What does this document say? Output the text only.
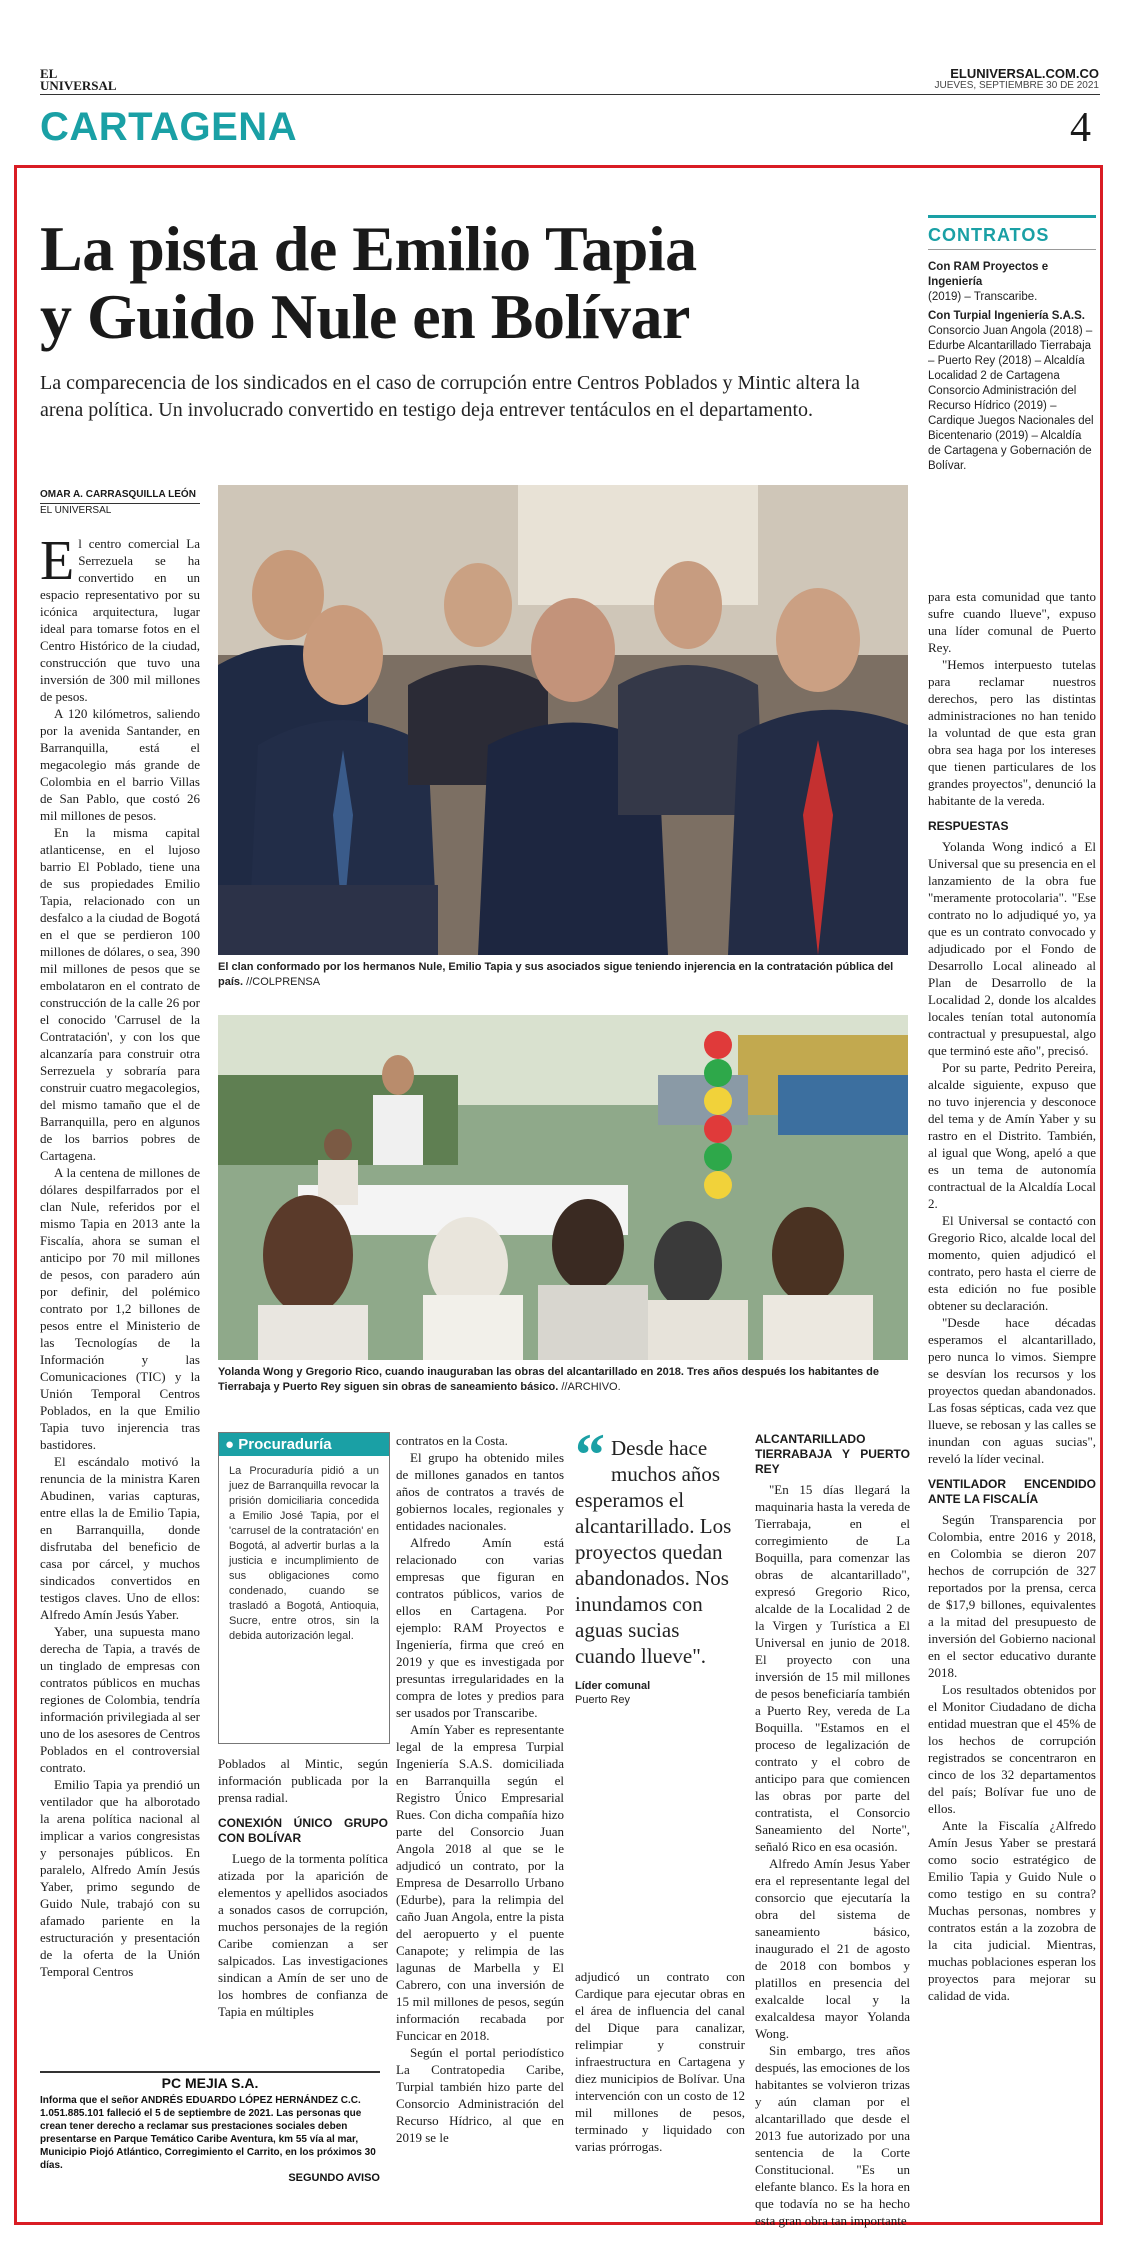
EL
UNIVERSAL
ELUNIVERSAL.COM.CO
JUEVES, SEPTIEMBRE 30 DE 2021
CARTAGENA	4
La pista de Emilio Tapia
y Guido Nule en Bolívar
La comparecencia de los sindicados en el caso de corrupción entre Centros Poblados y Mintic altera la arena política. Un involucrado convertido en testigo deja entrever tentáculos en el departamento.
CONTRATOS
Con RAM Proyectos e Ingeniería
(2019) – Transcaribe.
Con Turpial Ingeniería S.A.S.
Consorcio Juan Angola (2018) – Edurbe Alcantarillado Tierrabaja – Puerto Rey (2018) – Alcaldía Localidad 2 de Cartagena Consorcio Administración del Recurso Hídrico (2019) – Cardique Juegos Nacionales del Bicentenario (2019) – Alcaldía de Cartagena y Gobernación de Bolívar.
OMAR A. CARRASQUILLA LEÓN
EL UNIVERSAL
El clan conformado por los hermanos Nule, Emilio Tapia y sus asociados sigue teniendo injerencia en la contratación pública del país. //COLPRENSA
Yolanda Wong y Gregorio Rico, cuando inauguraban las obras del alcantarillado en 2018. Tres años después los habitantes de Tierrabaja y Puerto Rey siguen sin obras de saneamiento básico. //ARCHIVO.

El centro comercial La Serrezuela se ha convertido en un espacio representativo por su icónica arquitectura, lugar ideal para tomarse fotos en el Centro Histórico de la ciudad, construcción que tuvo una inversión de 300 mil millones de pesos.

A 120 kilómetros, saliendo por la avenida Santander, en Barranquilla, está el megacolegio más grande de Colombia en el barrio Villas de San Pablo, que costó 26 mil millones de pesos.

En la misma capital atlanticense, en el lujoso barrio El Poblado, tiene una de sus propiedades Emilio Tapia, relacionado con un desfalco a la ciudad de Bogotá en el que se perdieron 100 millones de dólares, o sea, 390 mil millones de pesos que se embolataron en el contrato de construcción de la calle 26 por el conocido 'Carrusel de la Contratación', y con los que alcanzaría para construir otra Serrezuela y sobraría para construir cuatro megacolegios, del mismo tamaño que el de Barranquilla, pero en algunos de los barrios pobres de Cartagena.

A la centena de millones de dólares despilfarrados por el clan Nule, referidos por el mismo Tapia en 2013 ante la Fiscalía, ahora se suman el anticipo por 70 mil millones de pesos, con paradero aún por definir, del polémico contrato por 1,2 billones de pesos entre el Ministerio de las Tecnologías de la Información y las Comunicaciones (TIC) y la Unión Temporal Centros Poblados, en la que Emilio Tapia tuvo injerencia tras bastidores.

El escándalo motivó la renuncia de la ministra Karen Abudinen, varias capturas, entre ellas la de Emilio Tapia, en Barranquilla, donde disfrutaba del beneficio de casa por cárcel, y muchos sindicados convertidos en testigos claves. Uno de ellos: Alfredo Amín Jesús Yaber.

Yaber, una supuesta mano derecha de Tapia, a través de un tinglado de empresas con contratos públicos en muchas regiones de Colombia, tendría información privilegiada al ser uno de los asesores de Centros Poblados en el controversial contrato.

Emilio Tapia ya prendió un ventilador que ha alborotado la arena política nacional al implicar a varios congresistas y personajes públicos. En paralelo, Alfredo Amín Jesús Yaber, primo segundo de Guido Nule, trabajó con su afamado pariente en la estructuración y presentación de la oferta de la Unión Temporal Centros

● Procuraduría
La Procuraduría pidió a un juez de Barranquilla revocar la prisión domiciliaria concedida a Emilio José Tapia, por el 'carrusel de la contratación' en Bogotá, al advertir burlas a la justicia e incumplimiento de sus obligaciones como condenado, cuando se trasladó a Bogotá, Antioquia, Sucre, entre otros, sin la debida autorización legal.

Poblados al Mintic, según información publicada por la prensa radial.

CONEXIÓN ÚNICO GRUPO CON BOLÍVAR

Luego de la tormenta política atizada por la aparición de elementos y apellidos asociados a sonados casos de corrupción, muchos personajes de la región Caribe comienzan a ser salpicados. Las investigaciones sindican a Amín de ser uno de los hombres de confianza de Tapia en múltiples

contratos en la Costa.

El grupo ha obtenido miles de millones ganados en tantos años de contratos a través de gobiernos locales, regionales y entidades nacionales.

Alfredo Amín está relacionado con varias empresas que figuran en contratos públicos, varios de ellos en Cartagena. Por ejemplo: RAM Proyectos e Ingeniería, firma que creó en 2019 y que es investigada por presuntas irregularidades en la compra de lotes y predios para ser usados por Transcaribe.

Amín Yaber es representante legal de la empresa Turpial Ingeniería S.A.S. domiciliada en Barranquilla según el Registro Único Empresarial Rues. Con dicha compañía hizo parte del Consorcio Juan Angola 2018 al que se le adjudicó un contrato, por la Empresa de Desarrollo Urbano (Edurbe), para la relimpia del caño Juan Angola, entre la pista del aeropuerto y el puente Canapote; y relimpia de las lagunas de Marbella y El Cabrero, con una inversión de 15 mil millones de pesos, según información recabada por Funcicar en 2018.

Según el portal periodístico La Contratopedia Caribe, Turpial también hizo parte del Consorcio Administración del Recurso Hídrico, al que en 2019 se le

“ Desde hace muchos años esperamos el alcantarillado. Los proyectos quedan abandonados. Nos inundamos con aguas sucias cuando llueve".
Líder comunal
Puerto Rey

adjudicó un contrato con Cardique para ejecutar obras en el área de influencia del canal del Dique para canalizar, relimpiar y construir infraestructura en Cartagena y diez municipios de Bolívar. Una intervención con un costo de 12 mil millones de pesos, terminado y liquidado con varias prórrogas.

ALCANTARILLADO TIERRABAJA Y PUERTO REY

"En 15 días llegará la maquinaria hasta la vereda de Tierrabaja, en el corregimiento de La Boquilla, para comenzar las obras de alcantarillado", expresó Gregorio Rico, alcalde de la Localidad 2 de la Virgen y Turística a El Universal en junio de 2018. El proyecto con una inversión de 15 mil millones de pesos beneficiaría también a Puerto Rey, vereda de La Boquilla. "Estamos en el proceso de legalización de contrato y el cobro de anticipo para que comiencen las obras por parte del contratista, el Consorcio Saneamiento del Norte", señaló Rico en esa ocasión.

Alfredo Amín Jesus Yaber era el representante legal del consorcio que ejecutaría la obra del sistema de saneamiento básico, inaugurado el 21 de agosto de 2018 con bombos y platillos en presencia del exalcalde local y la exalcaldesa mayor Yolanda Wong.

Sin embargo, tres años después, las emociones de los habitantes se volvieron trizas y aún claman por el alcantarillado que desde el 2013 fue autorizado por una sentencia de la Corte Constitucional. "Es un elefante blanco. Es la hora en que todavía no se ha hecho esta gran obra tan importante

para esta comunidad que tanto sufre cuando llueve", expuso una líder comunal de Puerto Rey.

"Hemos interpuesto tutelas para reclamar nuestros derechos, pero las distintas administraciones no han tenido la voluntad de que esta gran obra sea haga por los intereses que tienen particulares de los grandes proyectos", denunció la habitante de la vereda.

RESPUESTAS

Yolanda Wong indicó a El Universal que su presencia en el lanzamiento de la obra fue "meramente protocolaria". "Ese contrato no lo adjudiqué yo, ya que es un contrato convocado y adjudicado por el Fondo de Desarrollo Local alineado al Plan de Desarrollo de la Localidad 2, donde los alcaldes locales tenían total autonomía contractual y presupuestal, algo que terminó este año", precisó.

Por su parte, Pedrito Pereira, alcalde siguiente, expuso que no tuvo injerencia y desconoce del tema y de Amín Yaber y su rastro en el Distrito. También, al igual que Wong, apeló a que es un tema de autonomía contractual de la Alcaldía Local 2.

El Universal se contactó con Gregorio Rico, alcalde local del momento, quien adjudicó el contrato, pero hasta el cierre de esta edición no fue posible obtener su declaración.

"Desde hace décadas esperamos el alcantarillado, pero nunca lo vimos. Siempre se desvían los recursos y los proyectos quedan abandonados. Las fosas sépticas, cada vez que llueve, se rebosan y las calles se inundan con aguas sucias", reveló la líder vecinal.

VENTILADOR ENCENDIDO ANTE LA FISCALÍA

Según Transparencia por Colombia, entre 2016 y 2018, en Colombia se dieron 207 hechos de corrupción de 327 reportados por la prensa, cerca de $17,9 billones, equivalentes a la mitad del presupuesto de inversión del Gobierno nacional en el sector educativo durante 2018.

Los resultados obtenidos por el Monitor Ciudadano de dicha entidad muestran que el 45% de los hechos de corrupción registrados se concentraron en cinco de los 32 departamentos del país; Bolívar fue uno de ellos.

Ante la Fiscalía ¿Alfredo Amín Jesus Yaber se prestará como socio estratégico de Emilio Tapia y Guido Nule o como testigo en su contra? Muchas personas, nombres y contratos están a la zozobra de la cita judicial. Mientras, muchas poblaciones esperan los proyectos para mejorar su calidad de vida.

PC MEJIA S.A.
Informa que el señor ANDRÉS EDUARDO LÓPEZ HERNÁNDEZ C.C. 1.051.885.101 falleció el 5 de septiembre de 2021. Las personas que crean tener derecho a reclamar sus prestaciones sociales deben presentarse en Parque Temático Caribe Aventura, km 55 vía al mar, Municipio Piojó Atlántico, Corregimiento el Carrito, en los próximos 30 días.
SEGUNDO AVISO
